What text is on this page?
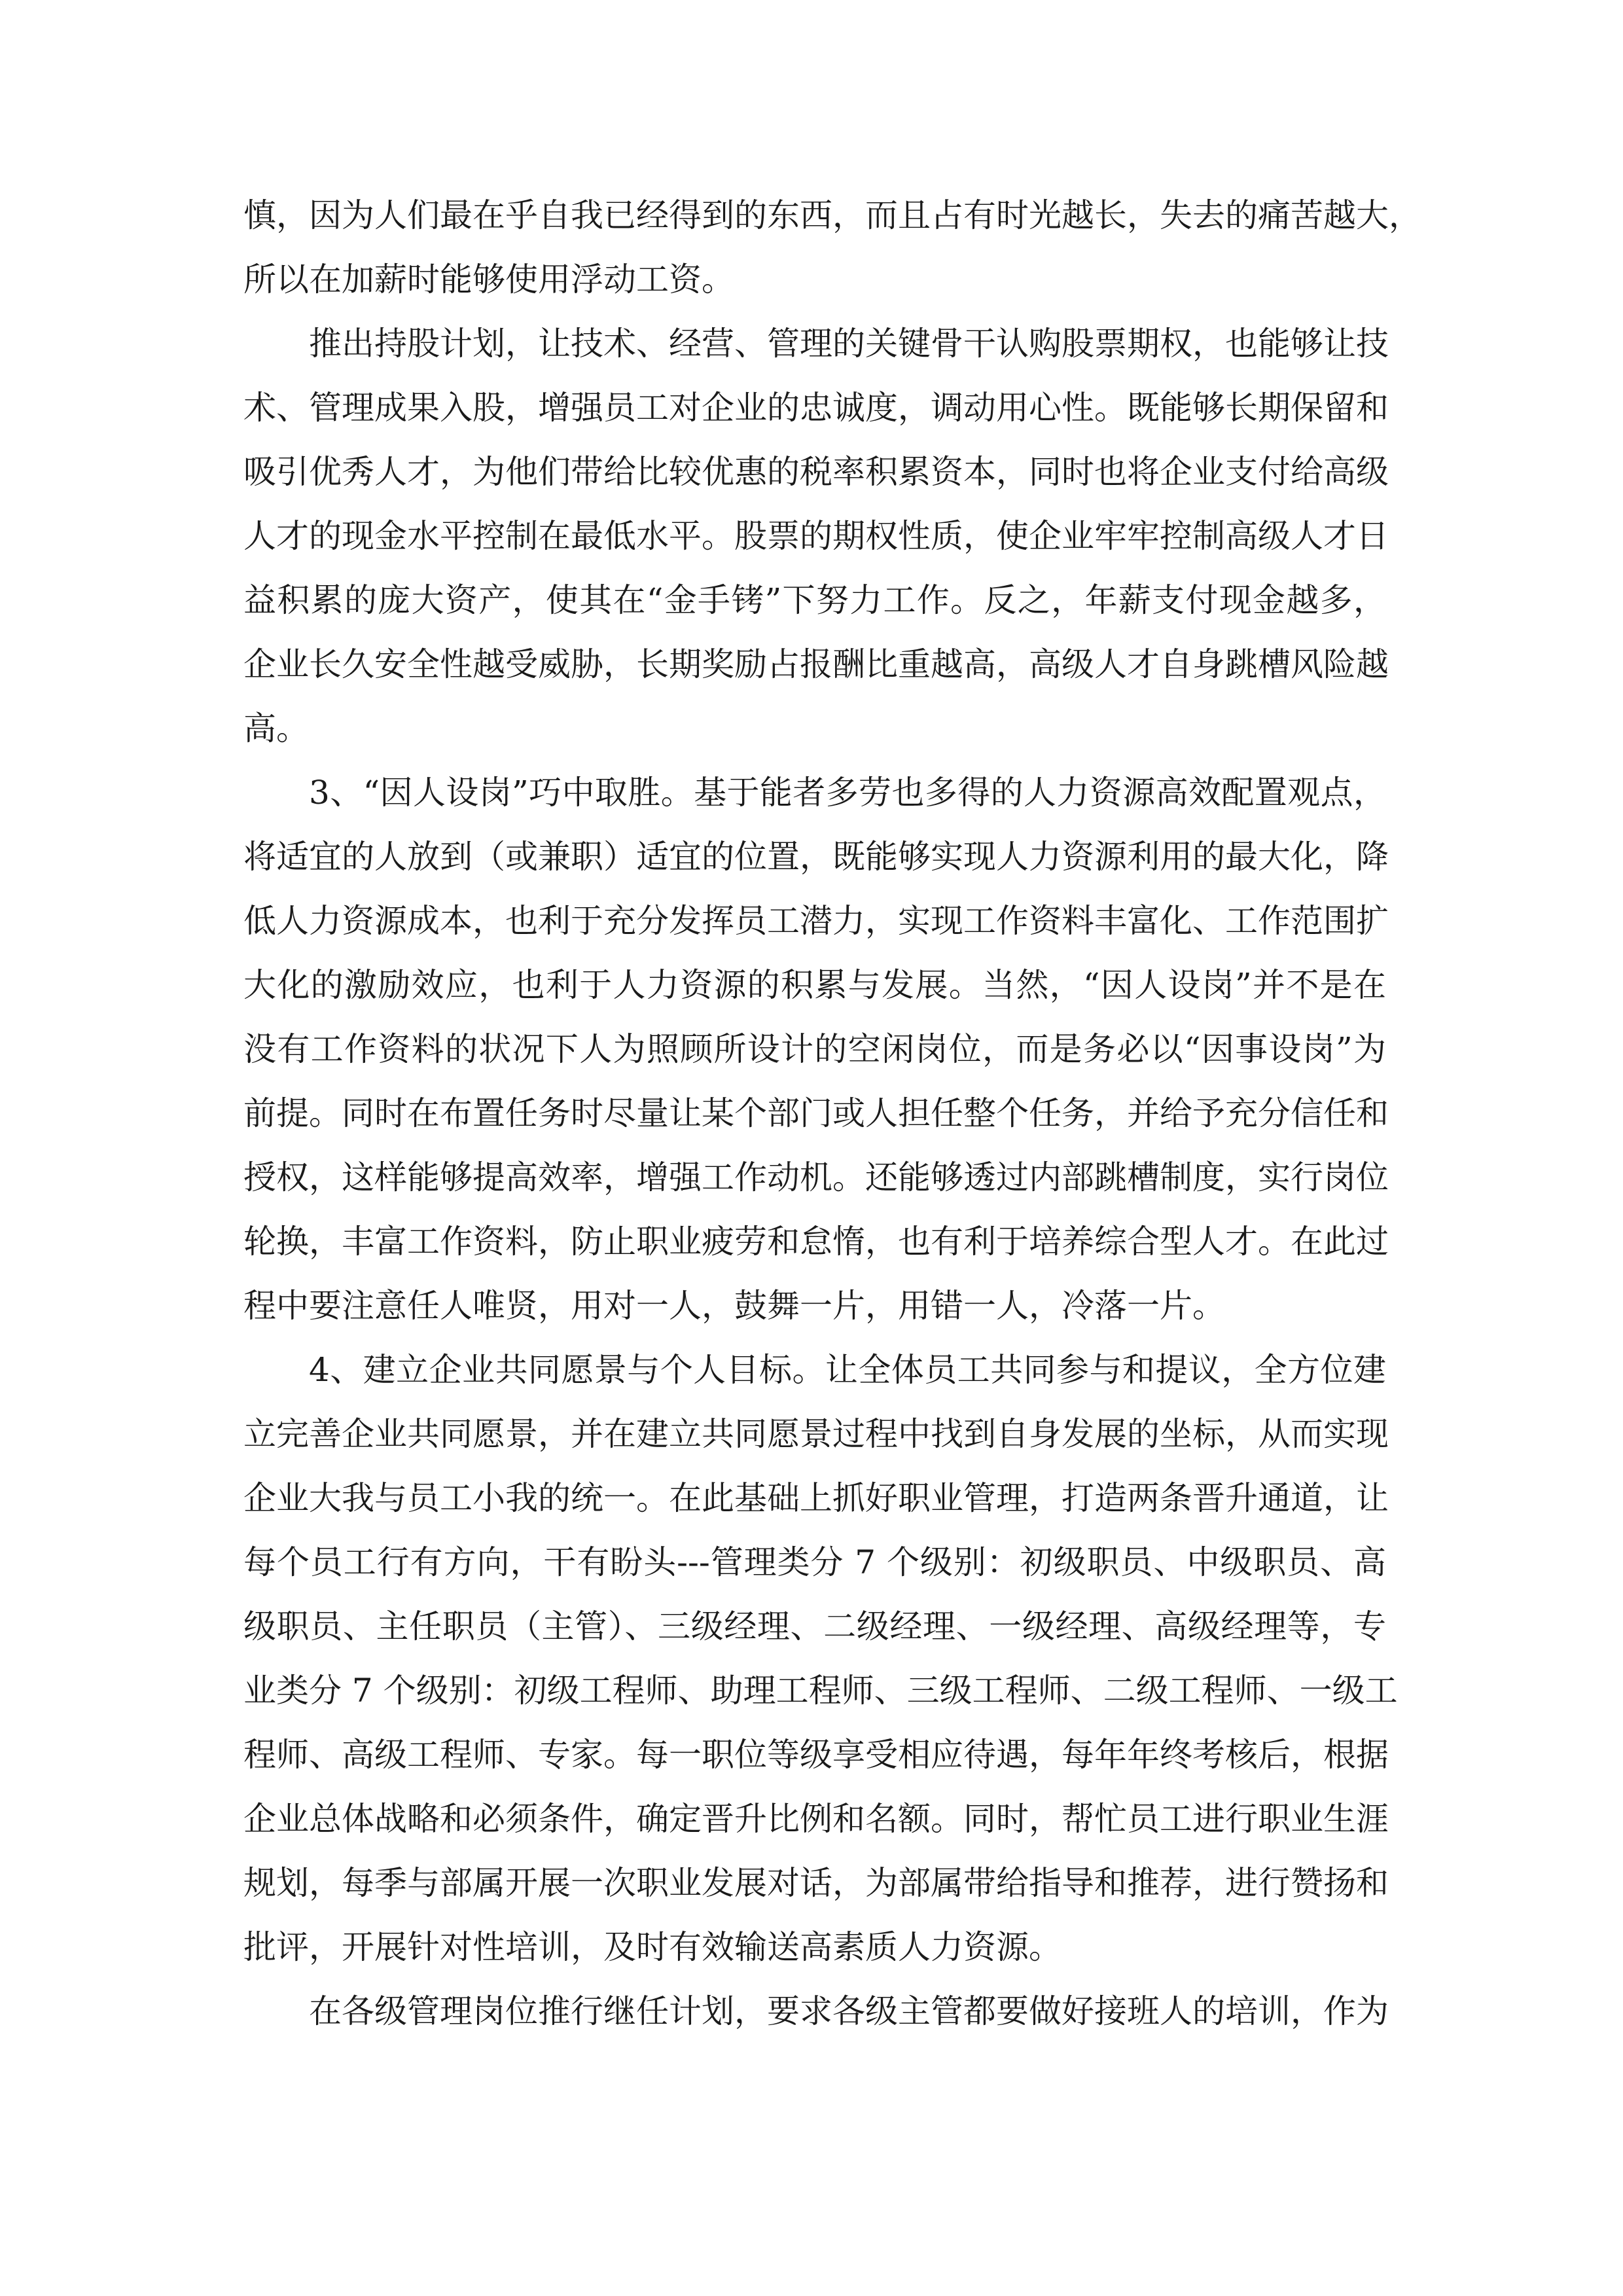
慎，因为人们最在乎自我已经得到的东西，而且占有时光越长，失去的痛苦越大，
所以在加薪时能够使用浮动工资。
推出持股计划，让技术、经营、管理的关键骨干认购股票期权，也能够让技
术、管理成果入股，增强员工对企业的忠诚度，调动用心性。既能够长期保留和
吸引优秀人才，为他们带给比较优惠的税率积累资本，同时也将企业支付给高级
人才的现金水平控制在最低水平。股票的期权性质，使企业牢牢控制高级人才日
益积累的庞大资产，使其在“金手铐”下努力工作。反之，年薪支付现金越多，
企业长久安全性越受威胁，长期奖励占报酬比重越高，高级人才自身跳槽风险越
高。
3、“因人设岗”巧中取胜。基于能者多劳也多得的人力资源高效配置观点，
将适宜的人放到（或兼职）适宜的位置，既能够实现人力资源利用的最大化，降
低人力资源成本，也利于充分发挥员工潜力，实现工作资料丰富化、工作范围扩
大化的激励效应，也利于人力资源的积累与发展。当然，“因人设岗”并不是在
没有工作资料的状况下人为照顾所设计的空闲岗位，而是务必以“因事设岗”为
前提。同时在布置任务时尽量让某个部门或人担任整个任务，并给予充分信任和
授权，这样能够提高效率，增强工作动机。还能够透过内部跳槽制度，实行岗位
轮换，丰富工作资料，防止职业疲劳和怠惰，也有利于培养综合型人才。在此过
程中要注意任人唯贤，用对一人，鼓舞一片，用错一人，冷落一片。
4、建立企业共同愿景与个人目标。让全体员工共同参与和提议，全方位建
立完善企业共同愿景，并在建立共同愿景过程中找到自身发展的坐标，从而实现
企业大我与员工小我的统一。在此基础上抓好职业管理，打造两条晋升通道，让
每个员工行有方向，干有盼头---管理类分 7 个级别：初级职员、中级职员、高
级职员、主任职员（主管）、三级经理、二级经理、一级经理、高级经理等，专
业类分 7 个级别：初级工程师、助理工程师、三级工程师、二级工程师、一级工
程师、高级工程师、专家。每一职位等级享受相应待遇，每年年终考核后，根据
企业总体战略和必须条件，确定晋升比例和名额。同时，帮忙员工进行职业生涯
规划，每季与部属开展一次职业发展对话，为部属带给指导和推荐，进行赞扬和
批评，开展针对性培训，及时有效输送高素质人力资源。
在各级管理岗位推行继任计划，要求各级主管都要做好接班人的培训，作为
